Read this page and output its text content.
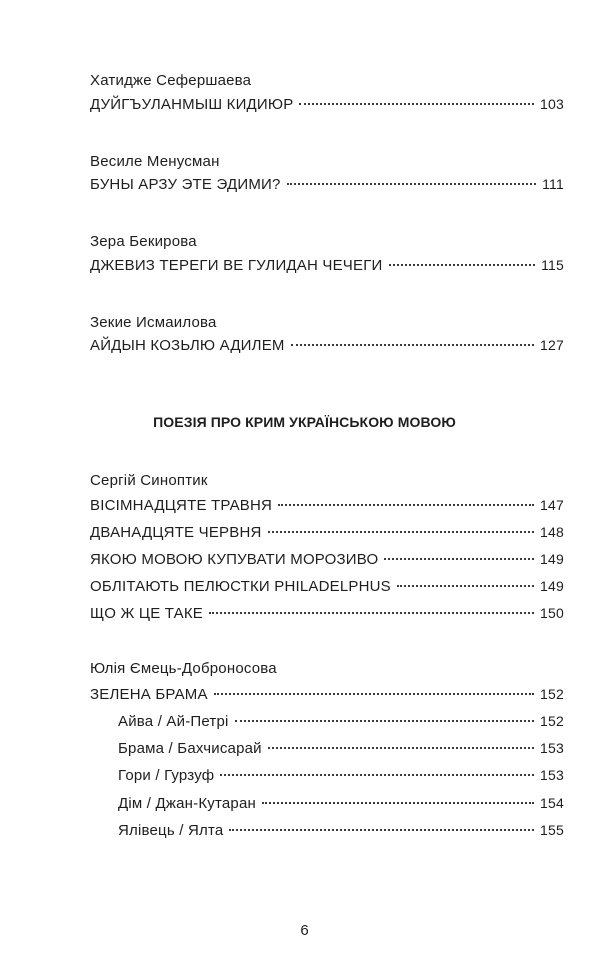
Хатидже Сефершаева
ДУЙГЪУЛАНМЫШ КИДИЮР	103
Весиле Менусман
БУНЫ АРЗУ ЭТЕ ЭДИМИ?	111
Зера Бекирова
ДЖЕВИЗ ТЕРЕГИ ВЕ ГУЛИДАН ЧЕЧЕГИ	115
Зекие Исмаилова
АЙДЫН КОЗЬЛЮ АДИЛЕМ	127
ПОЕЗІЯ ПРО КРИМ УКРАЇНСЬКОЮ МОВОЮ
Сергій Синоптик
ВІСІМНАДЦЯТЕ ТРАВНЯ	147
ДВАНАДЦЯТЕ ЧЕРВНЯ	148
ЯКОЮ МОВОЮ КУПУВАТИ МОРОЗИВО	149
ОБЛІТАЮТЬ ПЕЛЮСТКИ PHILADELPHUS	149
ЩО Ж ЦЕ ТАКЕ	150
Юлія Ємець-Доброносова
ЗЕЛЕНА БРАМА	152
Айва / Ай-Петрі	152
Брама / Бахчисарай	153
Гори / Гурзуф	153
Дім / Джан-Кутаран	154
Ялівець / Ялта	155
6
